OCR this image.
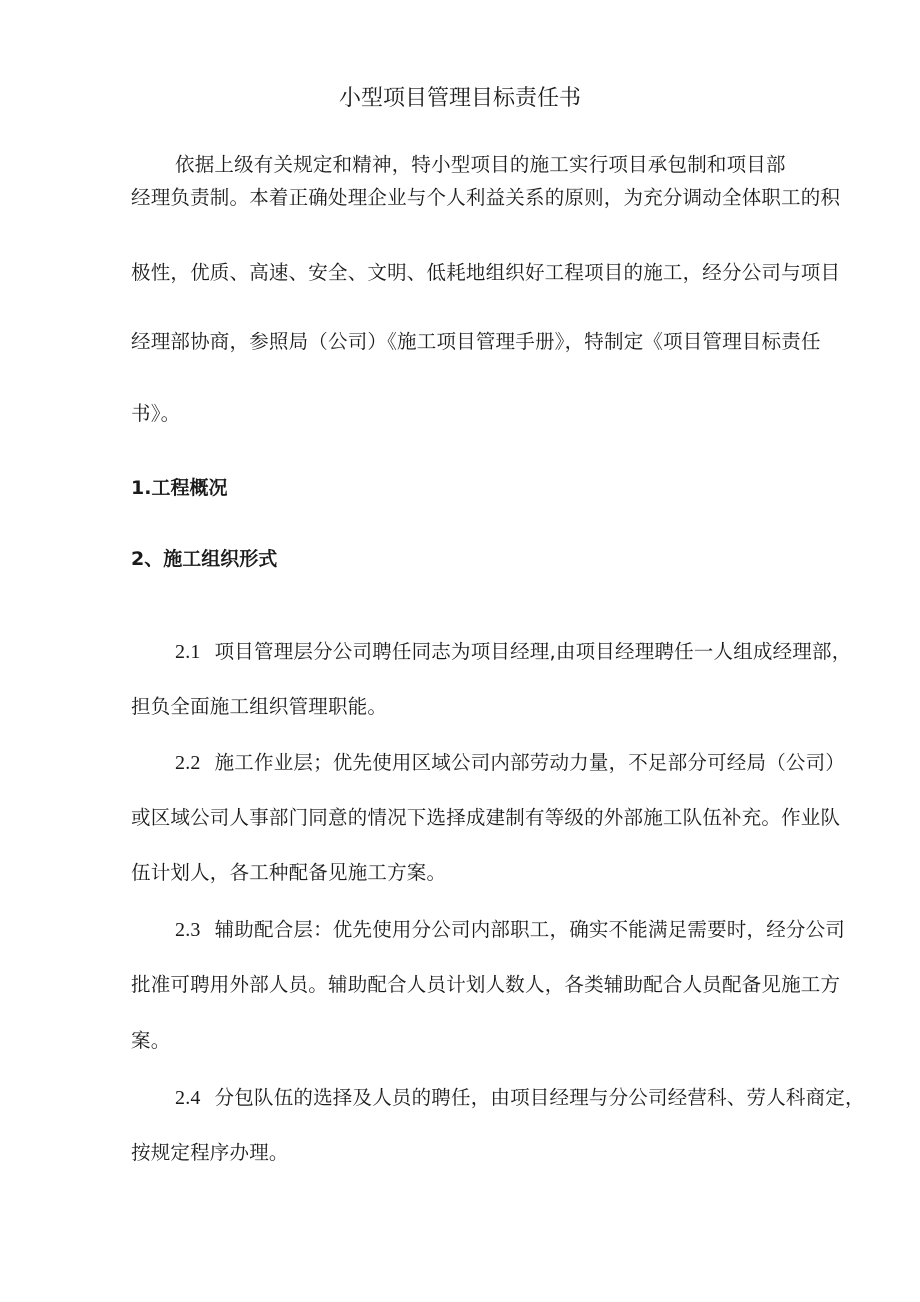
小型项目管理目标责任书
依据上级有关规定和精神，特小型项目的施工实行项目承包制和项目部
经理负责制。本着正确处理企业与个人利益关系的原则，为充分调动全体职工的积
极性，优质、高速、安全、文明、低耗地组织好工程项目的施工，经分公司与项目
经理部协商，参照局（公司）《施工项目管理手册》，特制定《项目管理目标责任
书》。
1.工程概况
2、施工组织形式
2.1 项目管理层分公司聘任同志为项目经理,由项目经理聘任一人组成经理部，
担负全面施工组织管理职能。
2.2 施工作业层；优先使用区域公司内部劳动力量，不足部分可经局（公司）
或区域公司人事部门同意的情况下选择成建制有等级的外部施工队伍补充。作业队
伍计划人，各工种配备见施工方案。
2.3 辅助配合层：优先使用分公司内部职工，确实不能满足需要时，经分公司
批准可聘用外部人员。辅助配合人员计划人数人，各类辅助配合人员配备见施工方
案。
2.4 分包队伍的选择及人员的聘任，由项目经理与分公司经营科、劳人科商定，
按规定程序办理。
